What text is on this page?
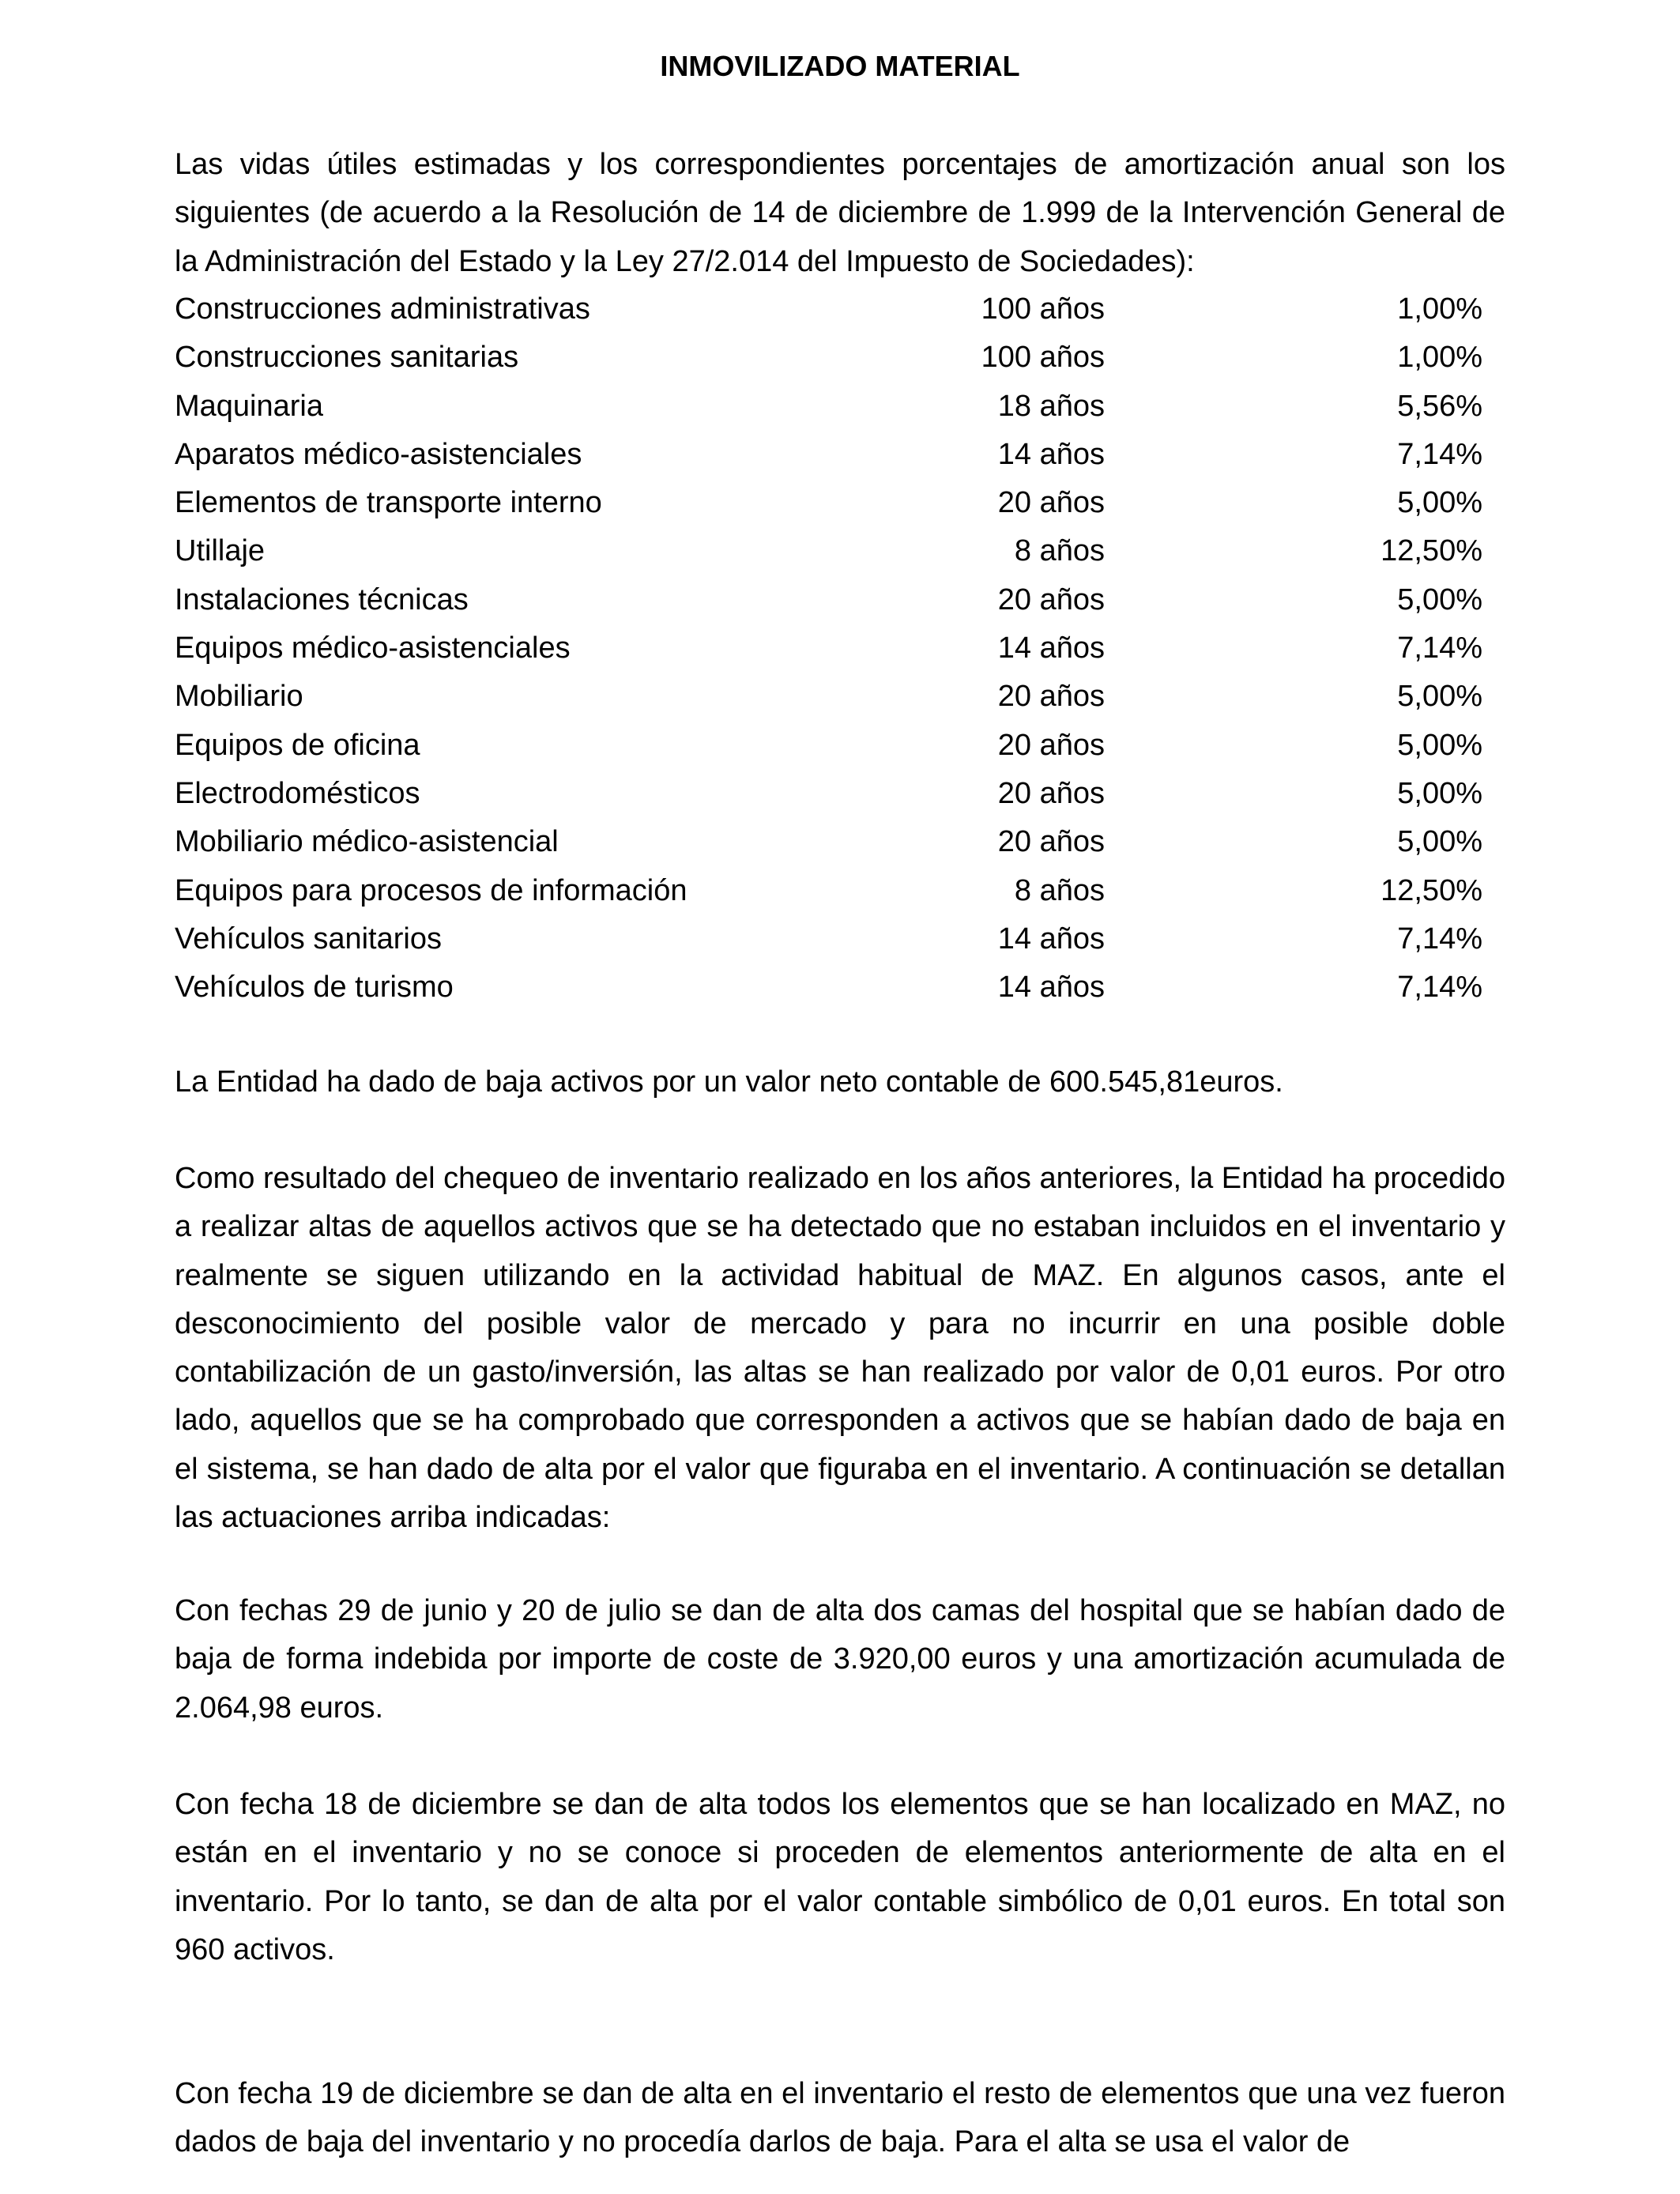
INMOVILIZADO MATERIAL

Las vidas útiles estimadas y los correspondientes porcentajes de amortización anual son los siguientes (de acuerdo a la Resolución de 14 de diciembre de 1.999 de la Intervención General de la Administración del Estado y la Ley 27/2.014 del Impuesto de Sociedades):

Construcciones administrativas	100 años	1,00%
Construcciones sanitarias	100 años	1,00%
Maquinaria	18 años	5,56%
Aparatos médico-asistenciales	14 años	7,14%
Elementos de transporte interno	20 años	5,00%
Utillaje	8 años	12,50%
Instalaciones técnicas	20 años	5,00%
Equipos médico-asistenciales	14 años	7,14%
Mobiliario	20 años	5,00%
Equipos de oficina	20 años	5,00%
Electrodomésticos	20 años	5,00%
Mobiliario médico-asistencial	20 años	5,00%
Equipos para procesos de información	8 años	12,50%
Vehículos sanitarios	14 años	7,14%
Vehículos de turismo	14 años	7,14%

La Entidad ha dado de baja activos por un valor neto contable de 600.545,81euros.

Como resultado del chequeo de inventario realizado en los años anteriores, la Entidad ha procedido a realizar altas de aquellos activos que se ha detectado que no estaban incluidos en el inventario y realmente se siguen utilizando en la actividad habitual de MAZ. En algunos casos, ante el desconocimiento del posible valor de mercado y para no incurrir en una posible doble contabilización de un gasto/inversión, las altas se han realizado por valor de 0,01 euros. Por otro lado, aquellos que se ha comprobado que corresponden a activos que se habían dado de baja en el sistema, se han dado de alta por el valor que figuraba en el inventario. A continuación se detallan las actuaciones arriba indicadas:

Con fechas 29 de junio y 20 de julio se dan de alta dos camas del hospital que se habían dado de baja de forma indebida por importe de coste de 3.920,00 euros y una amortización acumulada de 2.064,98 euros.

Con fecha 18 de diciembre se dan de alta todos los elementos que se han localizado en MAZ, no están en el inventario y no se conoce si proceden de elementos anteriormente de alta en el inventario. Por lo tanto, se dan de alta por el valor contable simbólico de 0,01 euros. En total son 960 activos.

Con fecha 19 de diciembre se dan de alta en el inventario el resto de elementos que una vez fueron dados de baja del inventario y no procedía darlos de baja. Para el alta se usa el valor de
